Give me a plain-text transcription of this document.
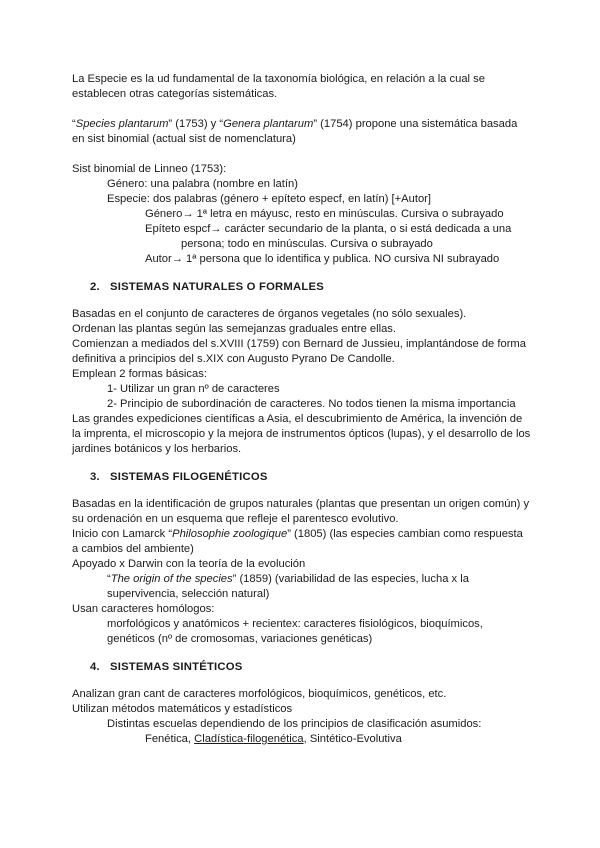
La Especie es la ud fundamental de la taxonomía biológica, en relación a la cual se
establecen otras categorías sistemáticas.
“Species plantarum” (1753) y “Genera plantarum” (1754) propone una sistemática basada
en sist binomial (actual sist de nomenclatura)
Sist binomial de Linneo (1753):
Género: una palabra (nombre en latín)
Especie: dos palabras (género + epíteto especf, en latín) [+Autor]
Género→ 1ª letra en máyusc, resto en minúsculas. Cursiva o subrayado
Epíteto espcf→ carácter secundario de la planta, o si está dedicada a una
persona; todo en minúsculas. Cursiva o subrayado
Autor→ 1ª persona que lo identifica y publica. NO cursiva NI subrayado
2. SISTEMAS NATURALES O FORMALES
Basadas en el conjunto de caracteres de órganos vegetales (no sólo sexuales).
Ordenan las plantas según las semejanzas graduales entre ellas.
Comienzan a mediados del s.XVIII (1759) con Bernard de Jussieu, implantándose de forma
definitiva a principios del s.XIX con Augusto Pyrano De Candolle.
Emplean 2 formas básicas:
1- Utilizar un gran nº de caracteres
2- Principio de subordinación de caracteres. No todos tienen la misma importancia
Las grandes expediciones científicas a Asia, el descubrimiento de América, la invención de
la imprenta, el microscopio y la mejora de instrumentos ópticos (lupas), y el desarrollo de los
jardines botánicos y los herbarios.
3. SISTEMAS FILOGENÉTICOS
Basadas en la identificación de grupos naturales (plantas que presentan un origen común) y
su ordenación en un esquema que refleje el parentesco evolutivo.
Inicio con Lamarck “Philosophie zoologique” (1805) (las especies cambian como respuesta
a cambios del ambiente)
Apoyado x Darwin con la teoría de la evolución
“The origin of the species” (1859) (variabilidad de las especies, lucha x la
supervivencia, selección natural)
Usan caracteres homólogos:
morfológicos y anatómicos + recientex: caracteres fisiológicos, bioquímicos,
genéticos (nº de cromosomas, variaciones genéticas)
4. SISTEMAS SINTÉTICOS
Analizan gran cant de caracteres morfológicos, bioquímicos, genéticos, etc.
Utilizan métodos matemáticos y estadísticos
Distintas escuelas dependiendo de los principios de clasificación asumidos:
Fenética, Cladística-filogenética, Sintético-Evolutiva
